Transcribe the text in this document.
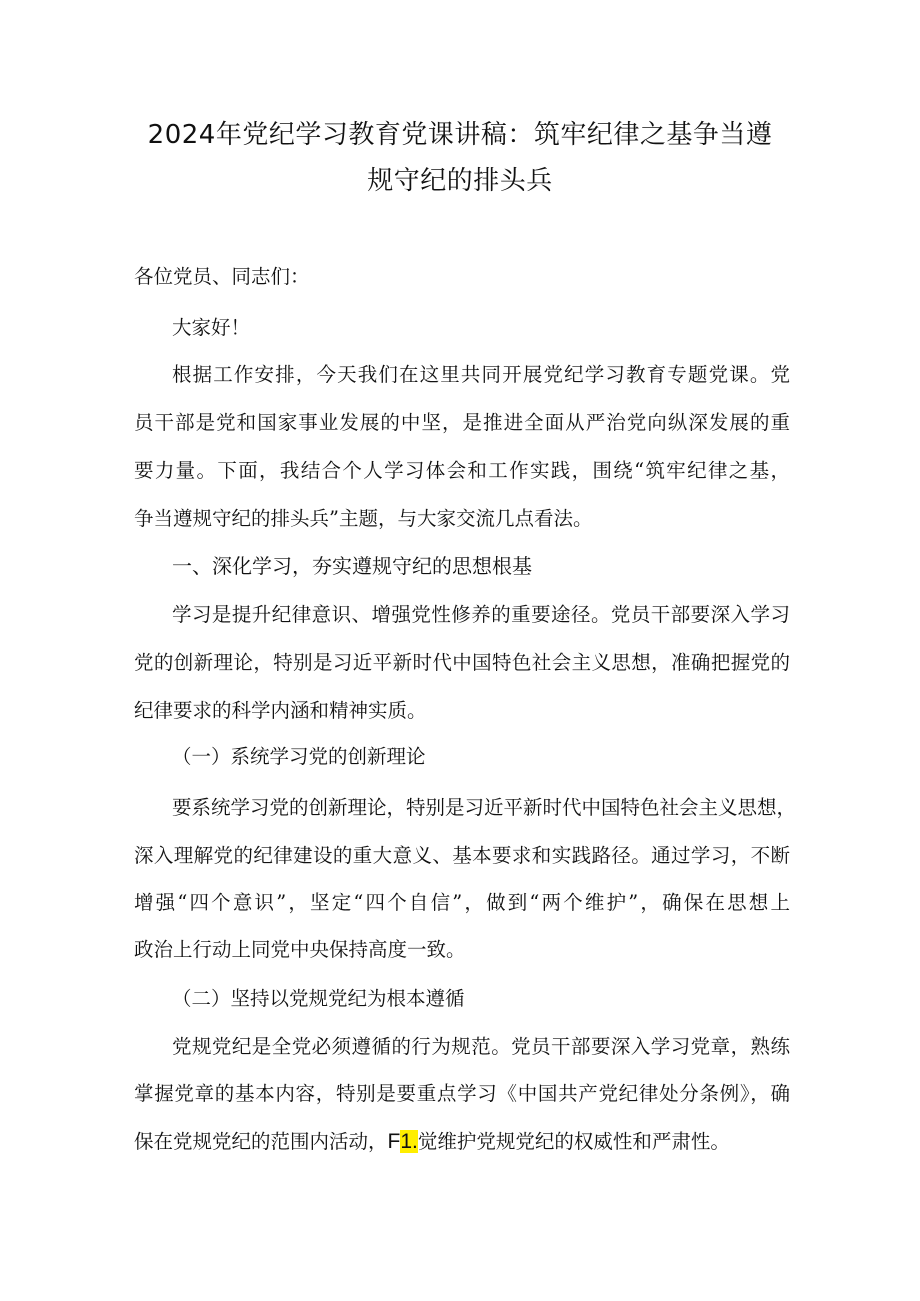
2024年党纪学习教育党课讲稿：筑牢纪律之基争当遵
规守纪的排头兵
各位党员、同志们：
大家好！
根据工作安排，今天我们在这里共同开展党纪学习教育专题党课。党
员干部是党和国家事业发展的中坚，是推进全面从严治党向纵深发展的重
要力量。下面，我结合个人学习体会和工作实践，围绕“筑牢纪律之基，
争当遵规守纪的排头兵”主题，与大家交流几点看法。
一、深化学习，夯实遵规守纪的思想根基
学习是提升纪律意识、增强党性修养的重要途径。党员干部要深入学习
党的创新理论，特别是习近平新时代中国特色社会主义思想，准确把握党的
纪律要求的科学内涵和精神实质。
（一）系统学习党的创新理论
要系统学习党的创新理论，特别是习近平新时代中国特色社会主义思想，
深入理解党的纪律建设的重大意义、基本要求和实践路径。通过学习，不断
增强“四个意识”，坚定“四个自信”，做到“两个维护”，确保在思想上
政治上行动上同党中央保持高度一致。
（二）坚持以党规党纪为根本遵循
党规党纪是全党必须遵循的行为规范。党员干部要深入学习党章，熟练
掌握党章的基本内容，特别是要重点学习《中国共产党纪律处分条例》，确
保在党规党纪的范围内活动，F1.觉维护党规党纪的权威性和严肃性。
